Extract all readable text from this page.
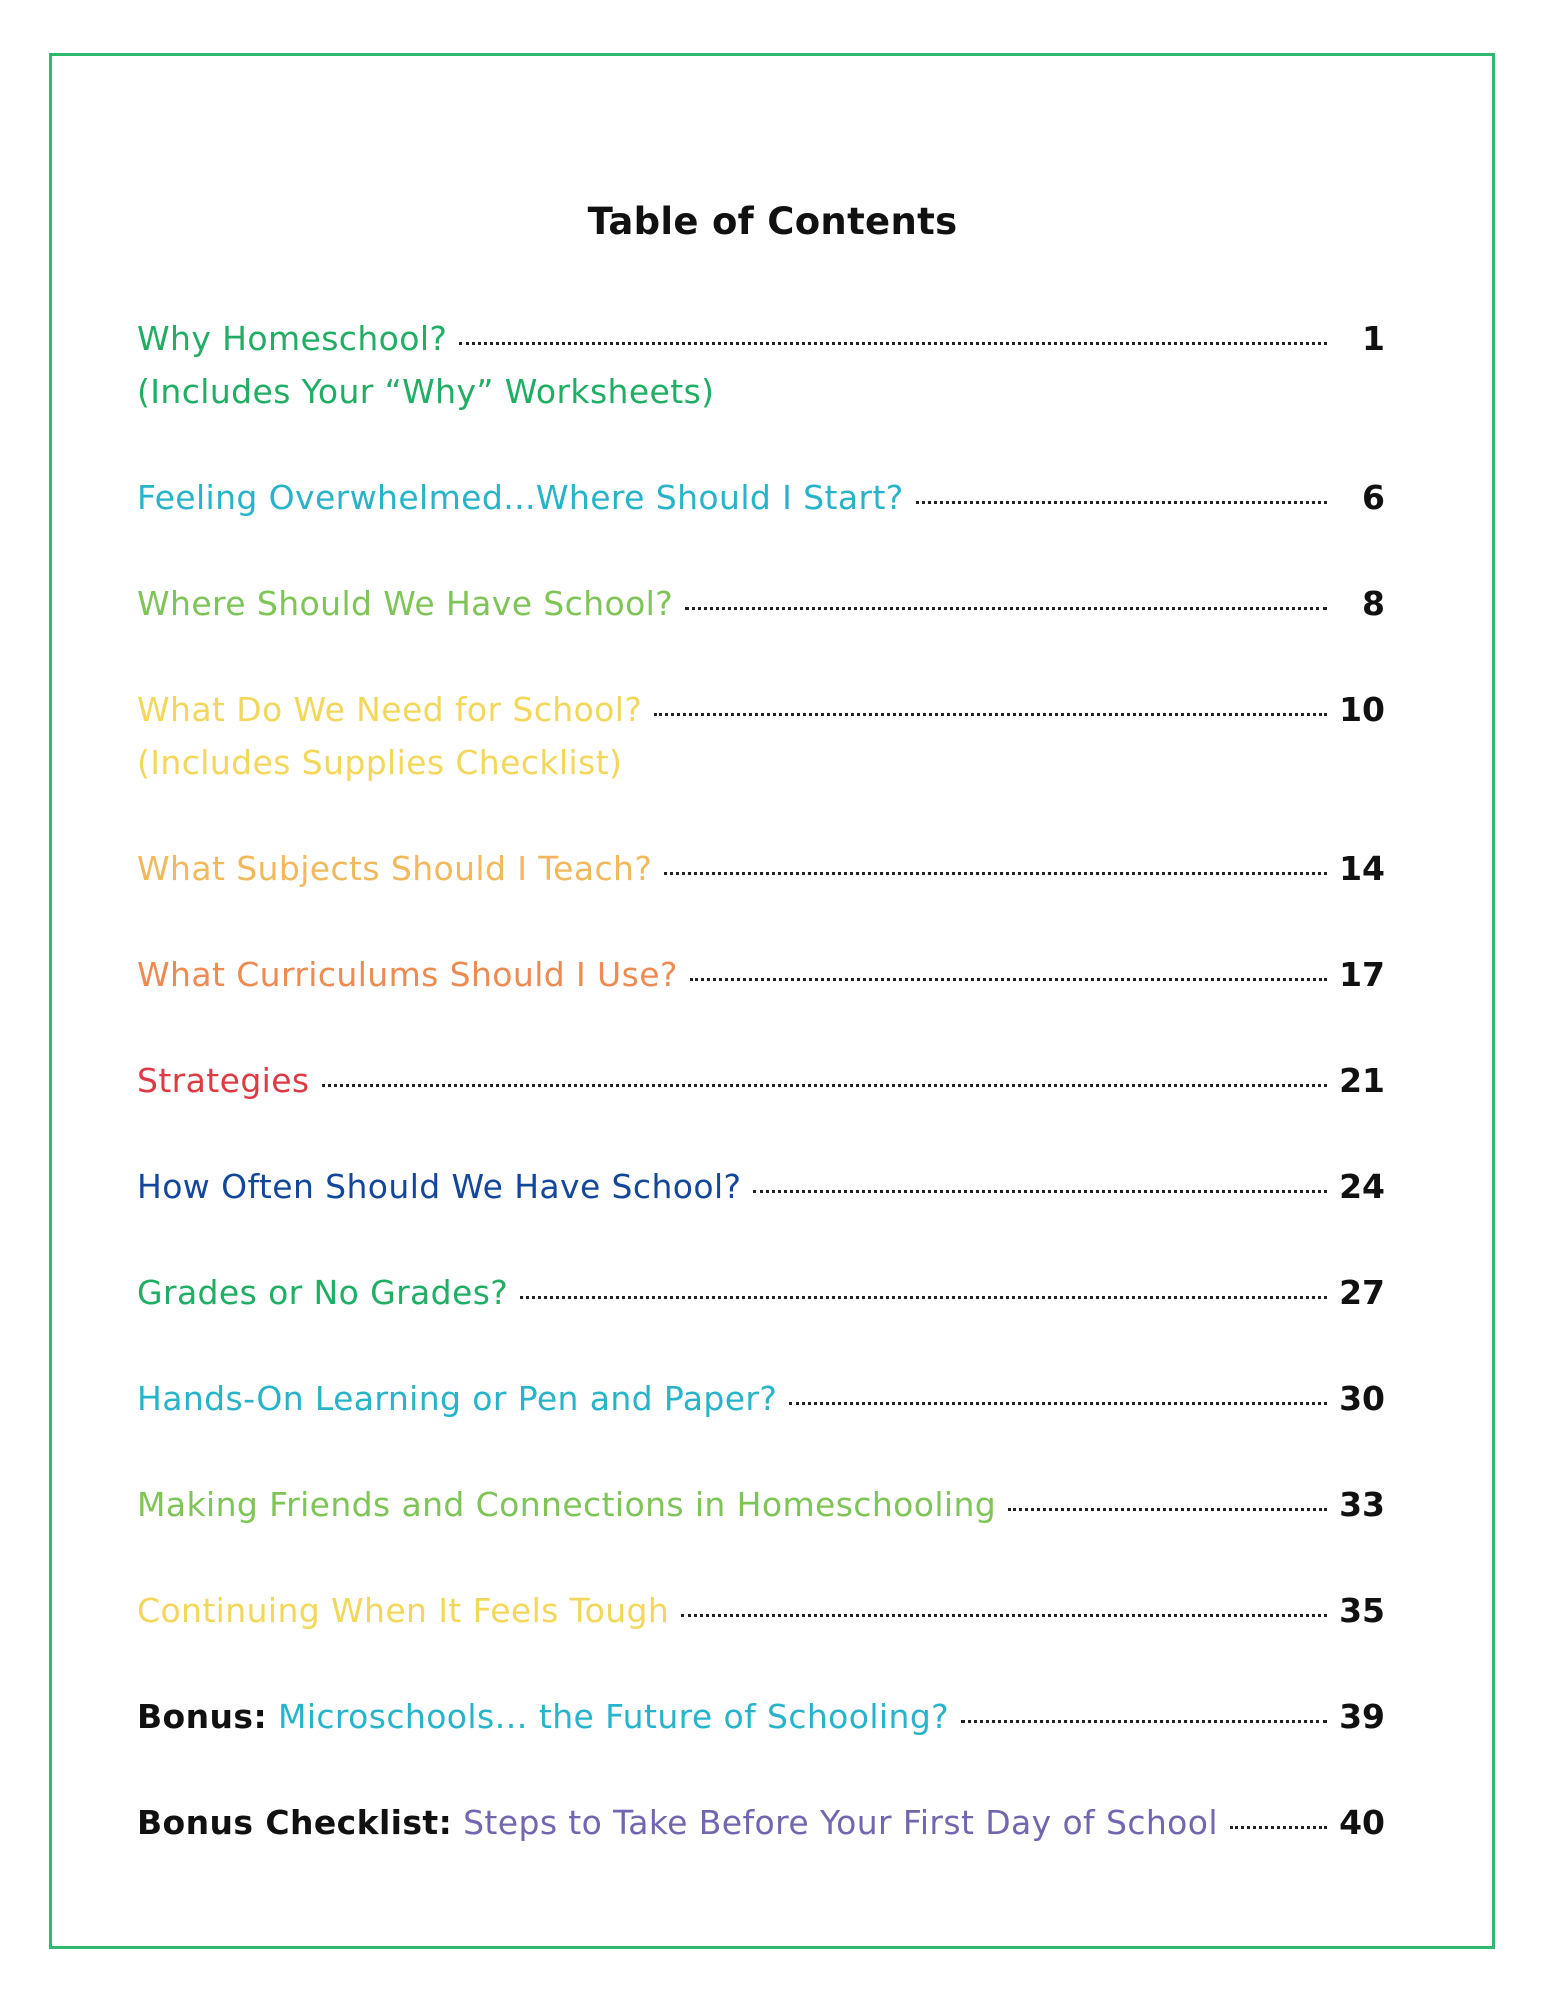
Table of Contents
Why Homeschool?	1
(Includes Your “Why” Worksheets)
Feeling Overwhelmed...Where Should I Start?	6
Where Should We Have School?	8
What Do We Need for School?	10
(Includes Supplies Checklist)
What Subjects Should I Teach?	14
What Curriculums Should I Use?	17
Strategies	21
How Often Should We Have School?	24
Grades or No Grades?	27
Hands-On Learning or Pen and Paper?	30
Making Friends and Connections in Homeschooling	33
Continuing When It Feels Tough	35
Bonus: Microschools… the Future of Schooling?	39
Bonus Checklist: Steps to Take Before Your First Day of School	40
